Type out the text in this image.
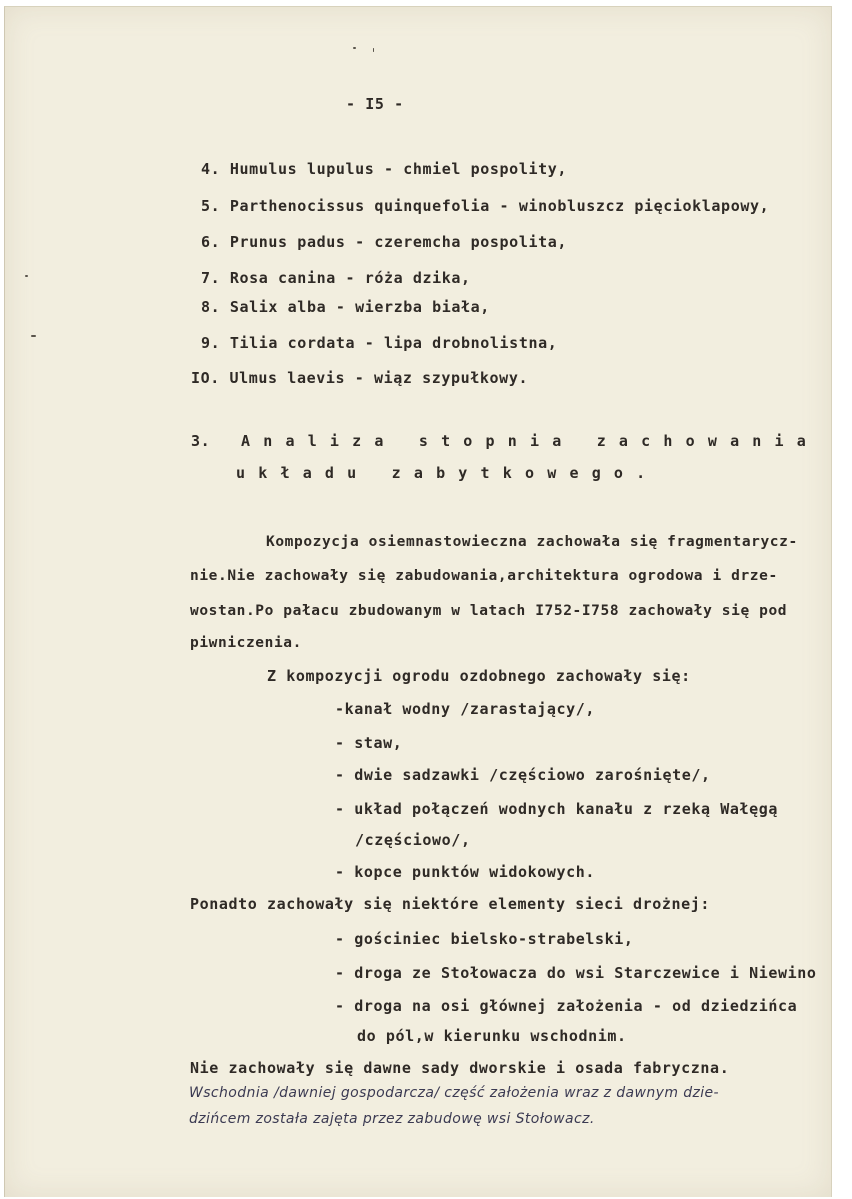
- I5 -
4. Humulus lupulus - chmiel pospolity,
5. Parthenocissus quinquefolia - winobluszcz pięcioklapowy,
6. Prunus padus - czeremcha pospolita,
7. Rosa canina - róża dzika,
8. Salix alba - wierzba biała,
9. Tilia cordata - lipa drobnolistna,
IO. Ulmus laevis - wiąz szypułkowy.
3. Analiza stopnia zachowania
układu zabytkowego.
Kompozycja osiemnastowieczna zachowała się fragmentarycz-
nie.Nie zachowały się zabudowania,architektura ogrodowa i drze-
wostan.Po pałacu zbudowanym w latach I752-I758 zachowały się pod
piwniczenia.
Z kompozycji ogrodu ozdobnego zachowały się:
-kanał wodny /zarastający/,
- staw,
- dwie sadzawki /częściowo zarośnięte/,
- układ połączeń wodnych kanału z rzeką Wałęgą
/częściowo/,
- kopce punktów widokowych.
Ponadto zachowały się niektóre elementy sieci drożnej:
- gościniec bielsko-strabelski,
- droga ze Stołowacza do wsi Starczewice i Niewino
- droga na osi głównej założenia - od dziedzińca
do pól,w kierunku wschodnim.
Nie zachowały się dawne sady dworskie i osada fabryczna.
Wschodnia /dawniej gospodarcza/ część założenia wraz z dawnym dzie-
dzińcem została zajęta przez zabudowę wsi Stołowacz.
